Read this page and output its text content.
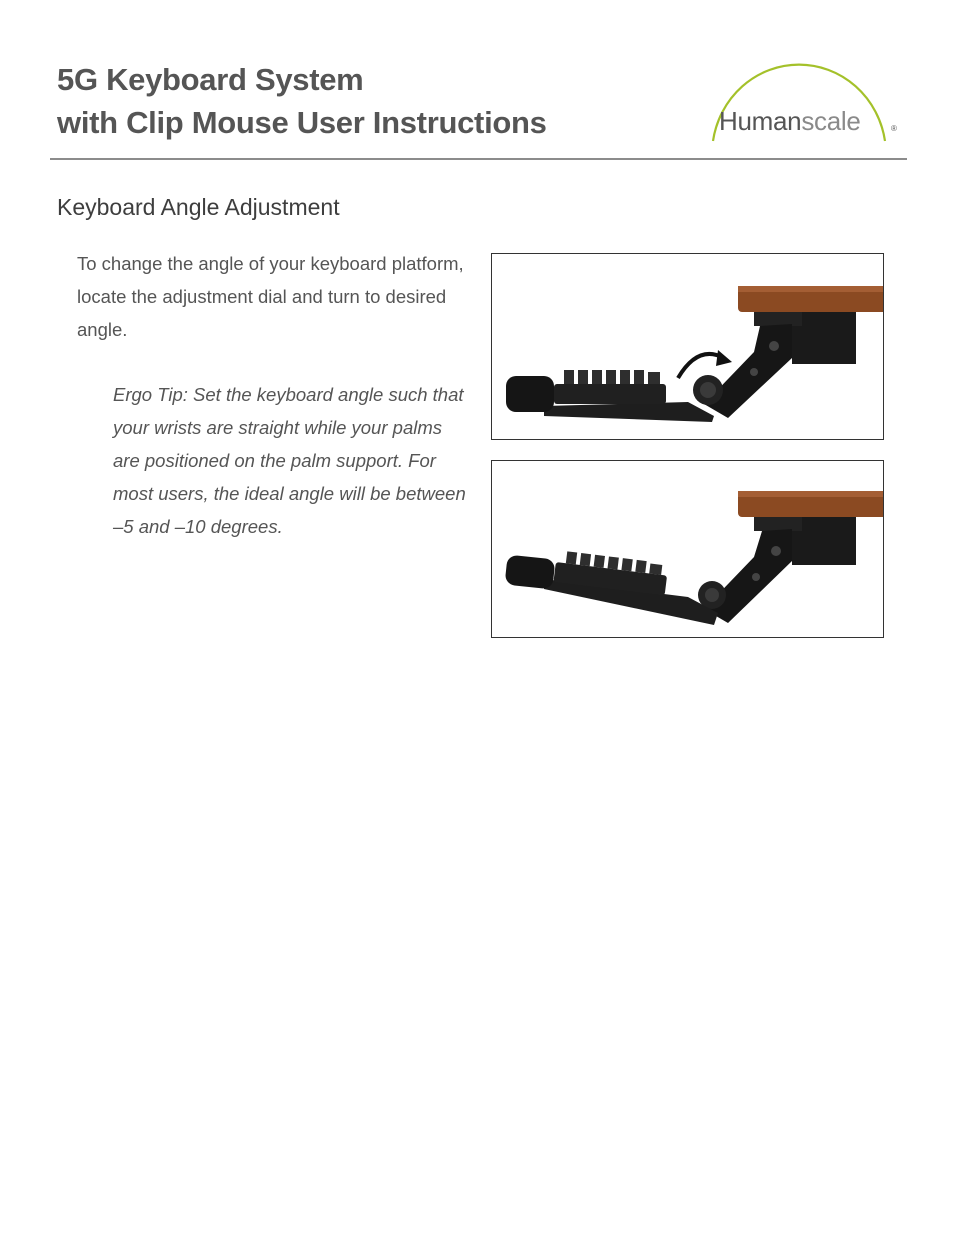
5G Keyboard System
with Clip Mouse User Instructions	Humanscale	®
Keyboard Angle Adjustment

To change the angle of your keyboard platform, locate the adjustment dial and turn to desired angle.

Ergo Tip: Set the keyboard angle such that your wrists are straight while your palms are positioned on the palm support. For most users, the ideal angle will be between –5 and –10 degrees.
